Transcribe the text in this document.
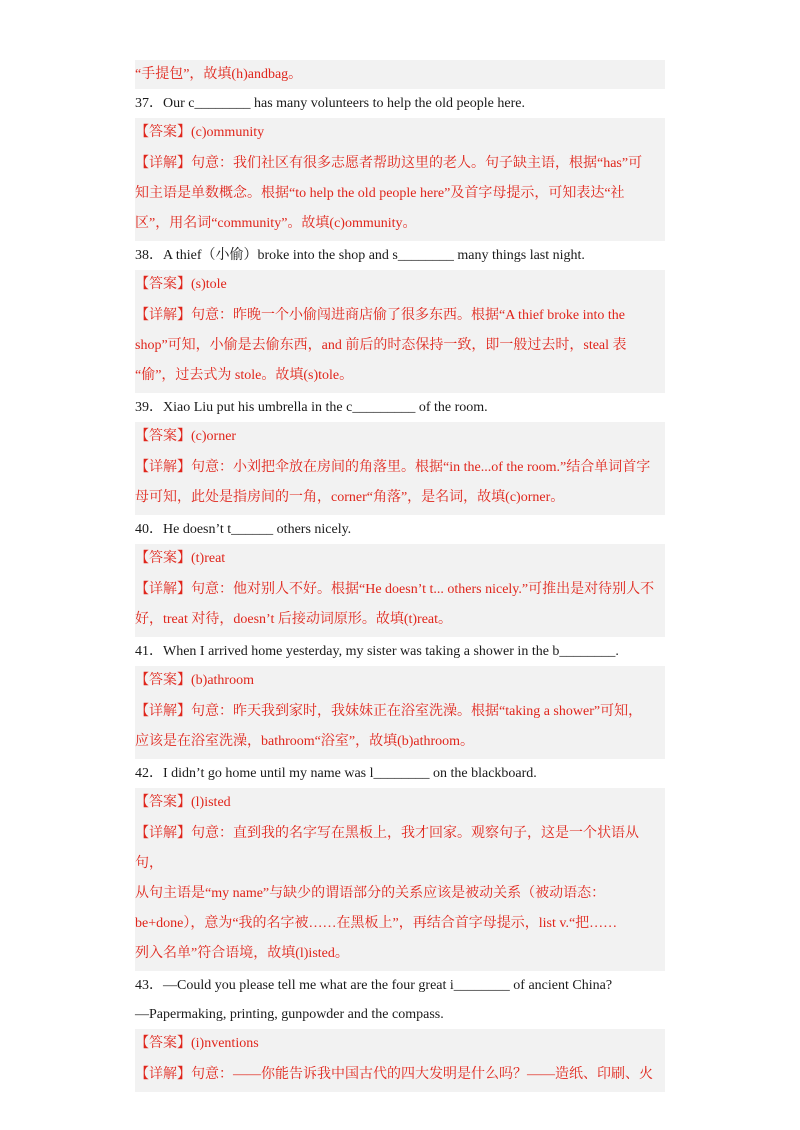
“手提包”，故填(h)andbag。

37．Our c________ has many volunteers to help the old people here.

【答案】(c)ommunity

【详解】句意：我们社区有很多志愿者帮助这里的老人。句子缺主语，根据“has”可

知主语是单数概念。根据“to help the old people here”及首字母提示，可知表达“社

区”，用名词“community”。故填(c)ommunity。

38．A thief（小偷）broke into the shop and s________ many things last night.

【答案】(s)tole

【详解】句意：昨晚一个小偷闯进商店偷了很多东西。根据“A thief broke into the

shop”可知，小偷是去偷东西，and 前后的时态保持一致，即一般过去时，steal 表

“偷”，过去式为 stole。故填(s)tole。

39．Xiao Liu put his umbrella in the c_________ of the room.

【答案】(c)orner

【详解】句意：小刘把伞放在房间的角落里。根据“in the...of the room.”结合单词首字

母可知，此处是指房间的一角，corner“角落”，是名词，故填(c)orner。

40．He doesn’t t______ others nicely.

【答案】(t)reat

【详解】句意：他对别人不好。根据“He doesn’t t... others nicely.”可推出是对待别人不

好，treat 对待，doesn’t 后接动词原形。故填(t)reat。

41．When I arrived home yesterday, my sister was taking a shower in the b________.

【答案】(b)athroom

【详解】句意：昨天我到家时，我妹妹正在浴室洗澡。根据“taking a shower”可知，

应该是在浴室洗澡，bathroom“浴室”，故填(b)athroom。

42．I didn’t go home until my name was l________ on the blackboard.

【答案】(l)isted

【详解】句意：直到我的名字写在黑板上，我才回家。观察句子，这是一个状语从句，

从句主语是“my name”与缺少的谓语部分的关系应该是被动关系（被动语态：

be+done），意为“我的名字被……在黑板上”，再结合首字母提示，list v.“把……

列入名单”符合语境，故填(l)isted。

43．—Could you please tell me what are the four great i________ of ancient China?
—Papermaking, printing, gunpowder and the compass.

【答案】(i)nventions

【详解】句意：——你能告诉我中国古代的四大发明是什么吗？——造纸、印刷、火
